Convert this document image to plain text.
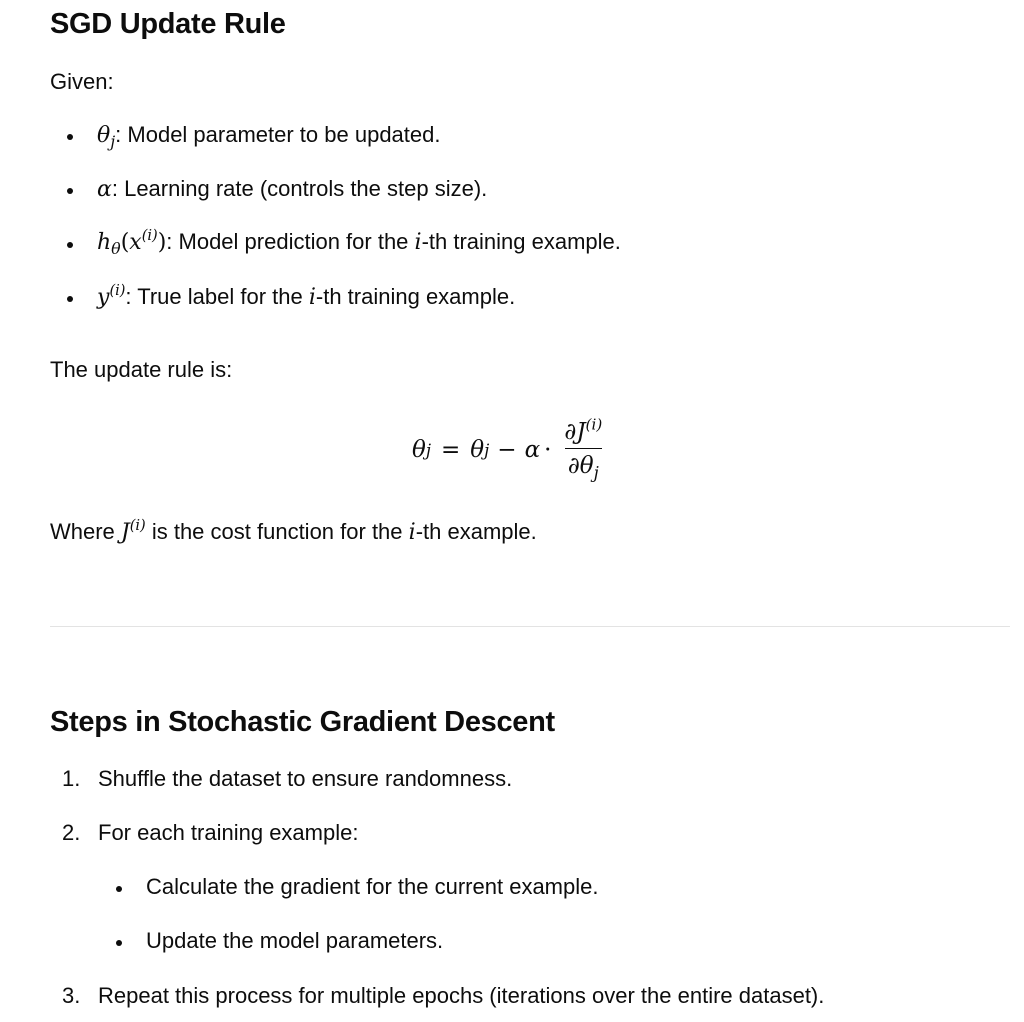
SGD Update Rule

Given:

$\theta_j$: Model parameter to be updated.
α: Learning rate (controls the step size).
$h_\theta(x^{(i)})$: Model prediction for the i-th training example.
$y^{(i)}$: True label for the i-th training example.

The update rule is:

θ j = θ $j - \alpha \cdot \frac{\partial J^{(i)}}{\partial\theta_j}$

Where $J^{(i)}$ is the cost function for the i-th example.

Steps in Stochastic Gradient Descent
1. Shuffle the dataset to ensure randomness.
2. For each training example:
Calculate the gradient for the current example.
Update the model parameters.
3. Repeat this process for multiple epochs (iterations over the entire dataset).
